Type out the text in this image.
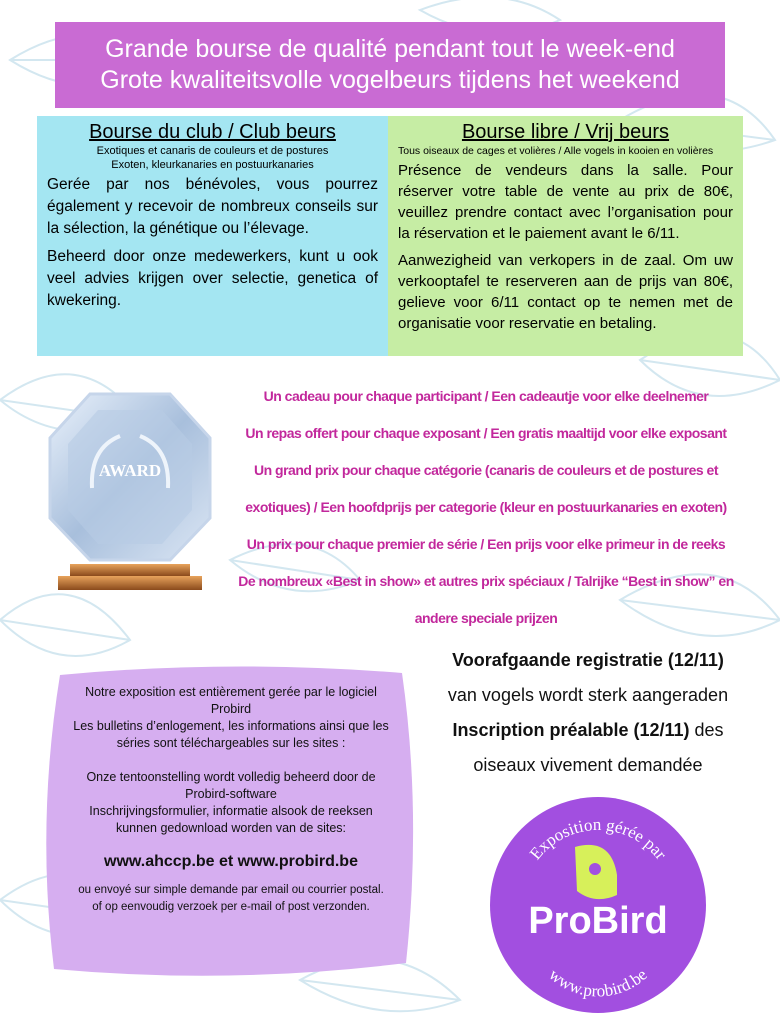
Grande bourse de qualité pendant tout le week-end
Grote kwaliteitsvolle vogelbeurs tijdens het weekend
Bourse du club / Club beurs
Exotiques et canaris de couleurs et de postures
Exoten, kleurkanaries en postuurkanaries

Gerée par nos bénévoles, vous pourrez également y recevoir de nombreux conseils sur la sélection, la génétique ou l’élevage.

Beheerd door onze medewerkers, kunt u ook veel advies krijgen over selectie, genetica of kwekering.

Bourse libre / Vrij beurs
Tous oiseaux de cages et volières / Alle vogels in kooien en volières

Présence de vendeurs dans la salle. Pour réserver votre table de vente au prix de 80€, veuillez prendre contact avec l’organisation pour la réservation et le paiement avant le 6/11.

Aanwezigheid van verkopers in de zaal. Om uw verkooptafel te reserveren aan de prijs van 80€, gelieve voor 6/11 contact op te nemen met de organisatie voor reservatie en betaling.

AWARD
Un cadeau pour chaque participant / Een cadeautje voor elke deelnemer
Un repas offert pour chaque exposant / Een gratis maaltijd voor elke exposant
Un grand prix pour chaque catégorie (canaris de couleurs et de postures et
exotiques) / Een hoofdprijs per categorie (kleur en postuurkanaries en exoten)
Un prix pour chaque premier de série / Een prijs voor elke primeur in de reeks
De nombreux «Best in show» et autres prix spéciaux / Talrijke “Best in show” en
andere speciale prijzen
Voorafgaande registratie (12/11)
van vogels wordt sterk aangeraden
Inscription préalable (12/11) des
oiseaux vivement demandée
Notre exposition est entièrement gerée par le logiciel
Probird
Les bulletins d’enlogement, les informations ainsi que les
séries sont téléchargeables sur les sites :
Onze tentoonstelling wordt volledig beheerd door de
Probird-software
Inschrijvingsformulier, informatie alsook de reeksen
kunnen gedownload worden van de sites:
www.ahccp.be et www.probird.be
ou envoyé sur simple demande par email ou courrier postal.
of op eenvoudig verzoek per e-mail of post verzonden.
Exposition gérée par
ProBird
www.probird.be
